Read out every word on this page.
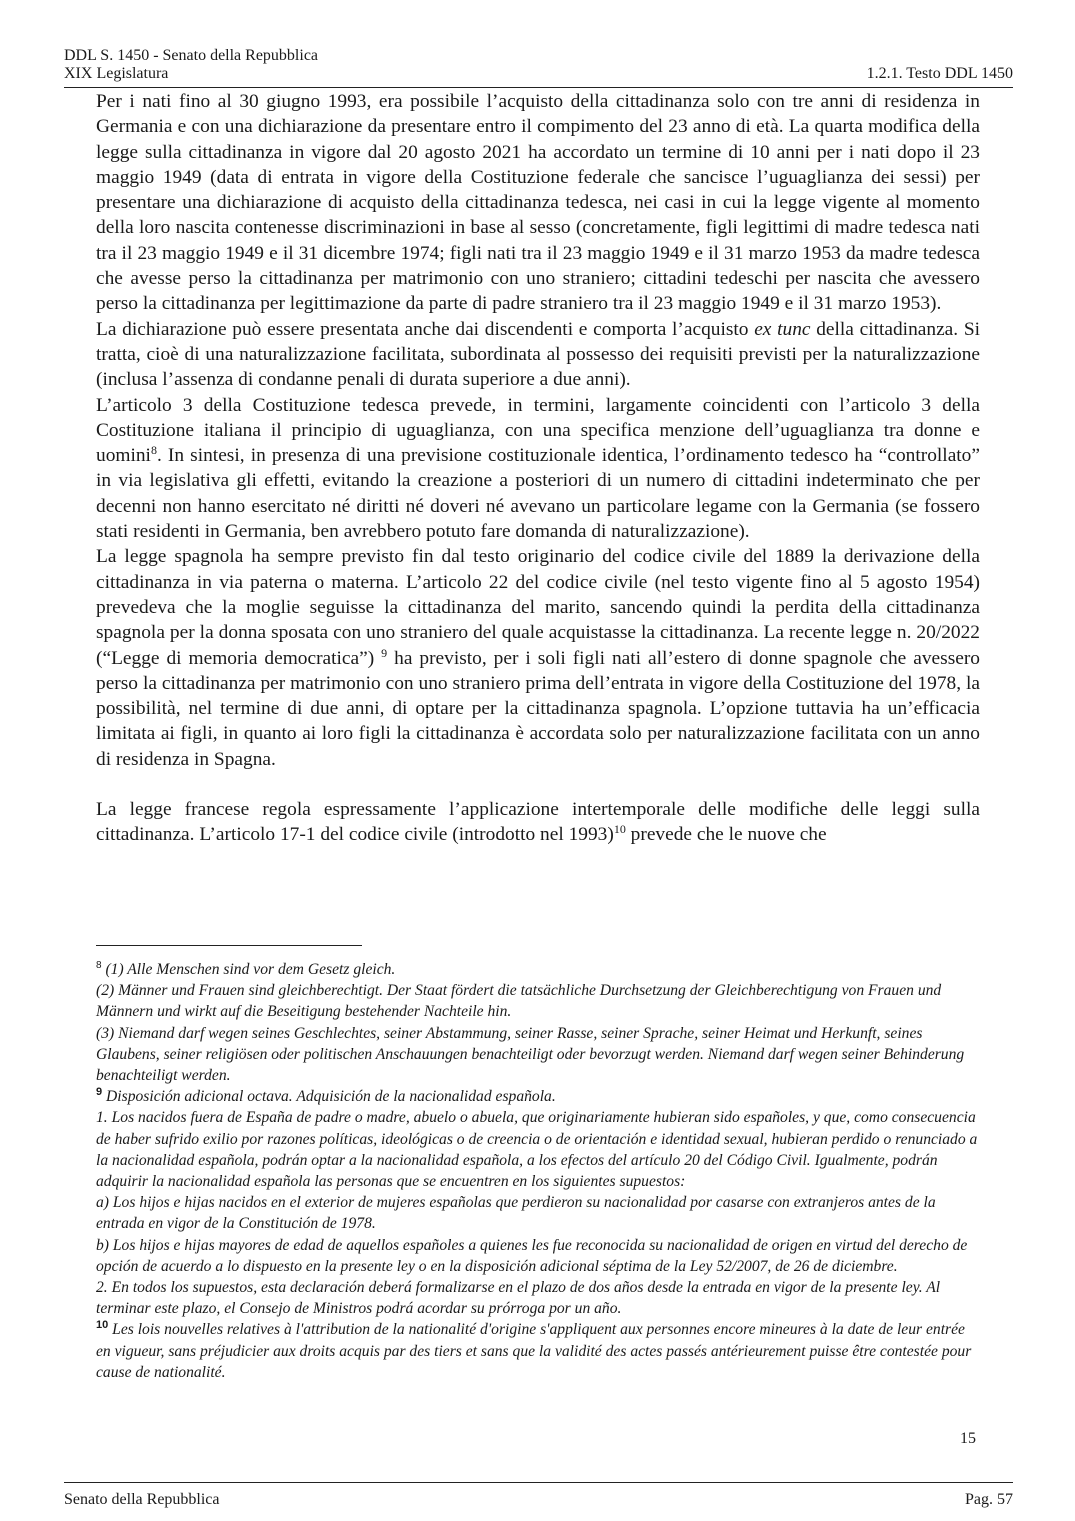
DDL S. 1450 - Senato della Repubblica
XIX Legislatura	1.2.1. Testo DDL 1450

Per i nati fino al 30 giugno 1993, era possibile l’acquisto della cittadinanza solo con tre anni di residenza in Germania e con una dichiarazione da presentare entro il compimento del 23 anno di età. La quarta modifica della legge sulla cittadinanza in vigore dal 20 agosto 2021 ha accordato un termine di 10 anni per i nati dopo il 23 maggio 1949 (data di entrata in vigore della Costituzione federale che sancisce l’uguaglianza dei sessi) per presentare una dichiarazione di acquisto della cittadinanza tedesca, nei casi in cui la legge vigente al momento della loro nascita contenesse discriminazioni in base al sesso (concretamente, figli legittimi di madre tedesca nati tra il 23 maggio 1949 e il 31 dicembre 1974; figli nati tra il 23 maggio 1949 e il 31 marzo 1953 da madre tedesca che avesse perso la cittadinanza per matrimonio con uno straniero; cittadini tedeschi per nascita che avessero perso la cittadinanza per legittimazione da parte di padre straniero tra il 23 maggio 1949 e il 31 marzo 1953).

La dichiarazione può essere presentata anche dai discendenti e comporta l’acquisto ex tunc della cittadinanza. Si tratta, cioè di una naturalizzazione facilitata, subordinata al possesso dei requisiti previsti per la naturalizzazione (inclusa l’assenza di condanne penali di durata superiore a due anni).

L’articolo 3 della Costituzione tedesca prevede, in termini, largamente coincidenti con l’articolo 3 della Costituzione italiana il principio di uguaglianza, con una specifica menzione dell’uguaglianza tra donne e uomini$^8$. In sintesi, in presenza di una previsione costituzionale identica, l’ordinamento tedesco ha “controllato” in via legislativa gli effetti, evitando la creazione a posteriori di un numero di cittadini indeterminato che per decenni non hanno esercitato né diritti né doveri né avevano un particolare legame con la Germania (se fossero stati residenti in Germania, ben avrebbero potuto fare domanda di naturalizzazione).

La legge spagnola ha sempre previsto fin dal testo originario del codice civile del 1889 la derivazione della cittadinanza in via paterna o materna. L’articolo 22 del codice civile (nel testo vigente fino al 5 agosto 1954) prevedeva che la moglie seguisse la cittadinanza del marito, sancendo quindi la perdita della cittadinanza spagnola per la donna sposata con uno straniero del quale acquistasse la cittadinanza. La recente legge n. 20/2022 (“Legge di memoria democratica”) $^9$ ha previsto, per i soli figli nati all’estero di donne spagnole che avessero perso la cittadinanza per matrimonio con uno straniero prima dell’entrata in vigore della Costituzione del 1978, la possibilità, nel termine di due anni, di optare per la cittadinanza spagnola. L’opzione tuttavia ha un’efficacia limitata ai figli, in quanto ai loro figli la cittadinanza è accordata solo per naturalizzazione facilitata con un anno di residenza in Spagna.

La legge francese regola espressamente l’applicazione intertemporale delle modifiche delle leggi sulla cittadinanza. L’articolo 17-1 del codice civile (introdotto nel 1993)$^{10}$ prevede che le nuove che

$^8$ (1) Alle Menschen sind vor dem Gesetz gleich.

(2) Männer und Frauen sind gleichberechtigt. Der Staat fördert die tatsächliche Durchsetzung der Gleichberechtigung von Frauen und Männern und wirkt auf die Beseitigung bestehender Nachteile hin.

(3) Niemand darf wegen seines Geschlechtes, seiner Abstammung, seiner Rasse, seiner Sprache, seiner Heimat und Herkunft, seines Glaubens, seiner religiösen oder politischen Anschauungen benachteiligt oder bevorzugt werden. Niemand darf wegen seiner Behinderung benachteiligt werden.

$^9$ Disposición adicional octava. Adquisición de la nacionalidad española.

1. Los nacidos fuera de España de padre o madre, abuelo o abuela, que originariamente hubieran sido españoles, y que, como consecuencia de haber sufrido exilio por razones políticas, ideológicas o de creencia o de orientación e identidad sexual, hubieran perdido o renunciado a la nacionalidad española, podrán optar a la nacionalidad española, a los efectos del artículo 20 del Código Civil. Igualmente, podrán adquirir la nacionalidad española las personas que se encuentren en los siguientes supuestos:

a) Los hijos e hijas nacidos en el exterior de mujeres españolas que perdieron su nacionalidad por casarse con extranjeros antes de la entrada en vigor de la Constitución de 1978.

b) Los hijos e hijas mayores de edad de aquellos españoles a quienes les fue reconocida su nacionalidad de origen en virtud del derecho de opción de acuerdo a lo dispuesto en la presente ley o en la disposición adicional séptima de la Ley 52/2007, de 26 de diciembre.

2. En todos los supuestos, esta declaración deberá formalizarse en el plazo de dos años desde la entrada en vigor de la presente ley. Al terminar este plazo, el Consejo de Ministros podrá acordar su prórroga por un año.

$^{10}$ Les lois nouvelles relatives à l'attribution de la nationalité d'origine s'appliquent aux personnes encore mineures à la date de leur entrée en vigueur, sans préjudicier aux droits acquis par des tiers et sans que la validité des actes passés antérieurement puisse être contestée pour cause de nationalité.

15
Senato della Repubblica	Pag. 57
